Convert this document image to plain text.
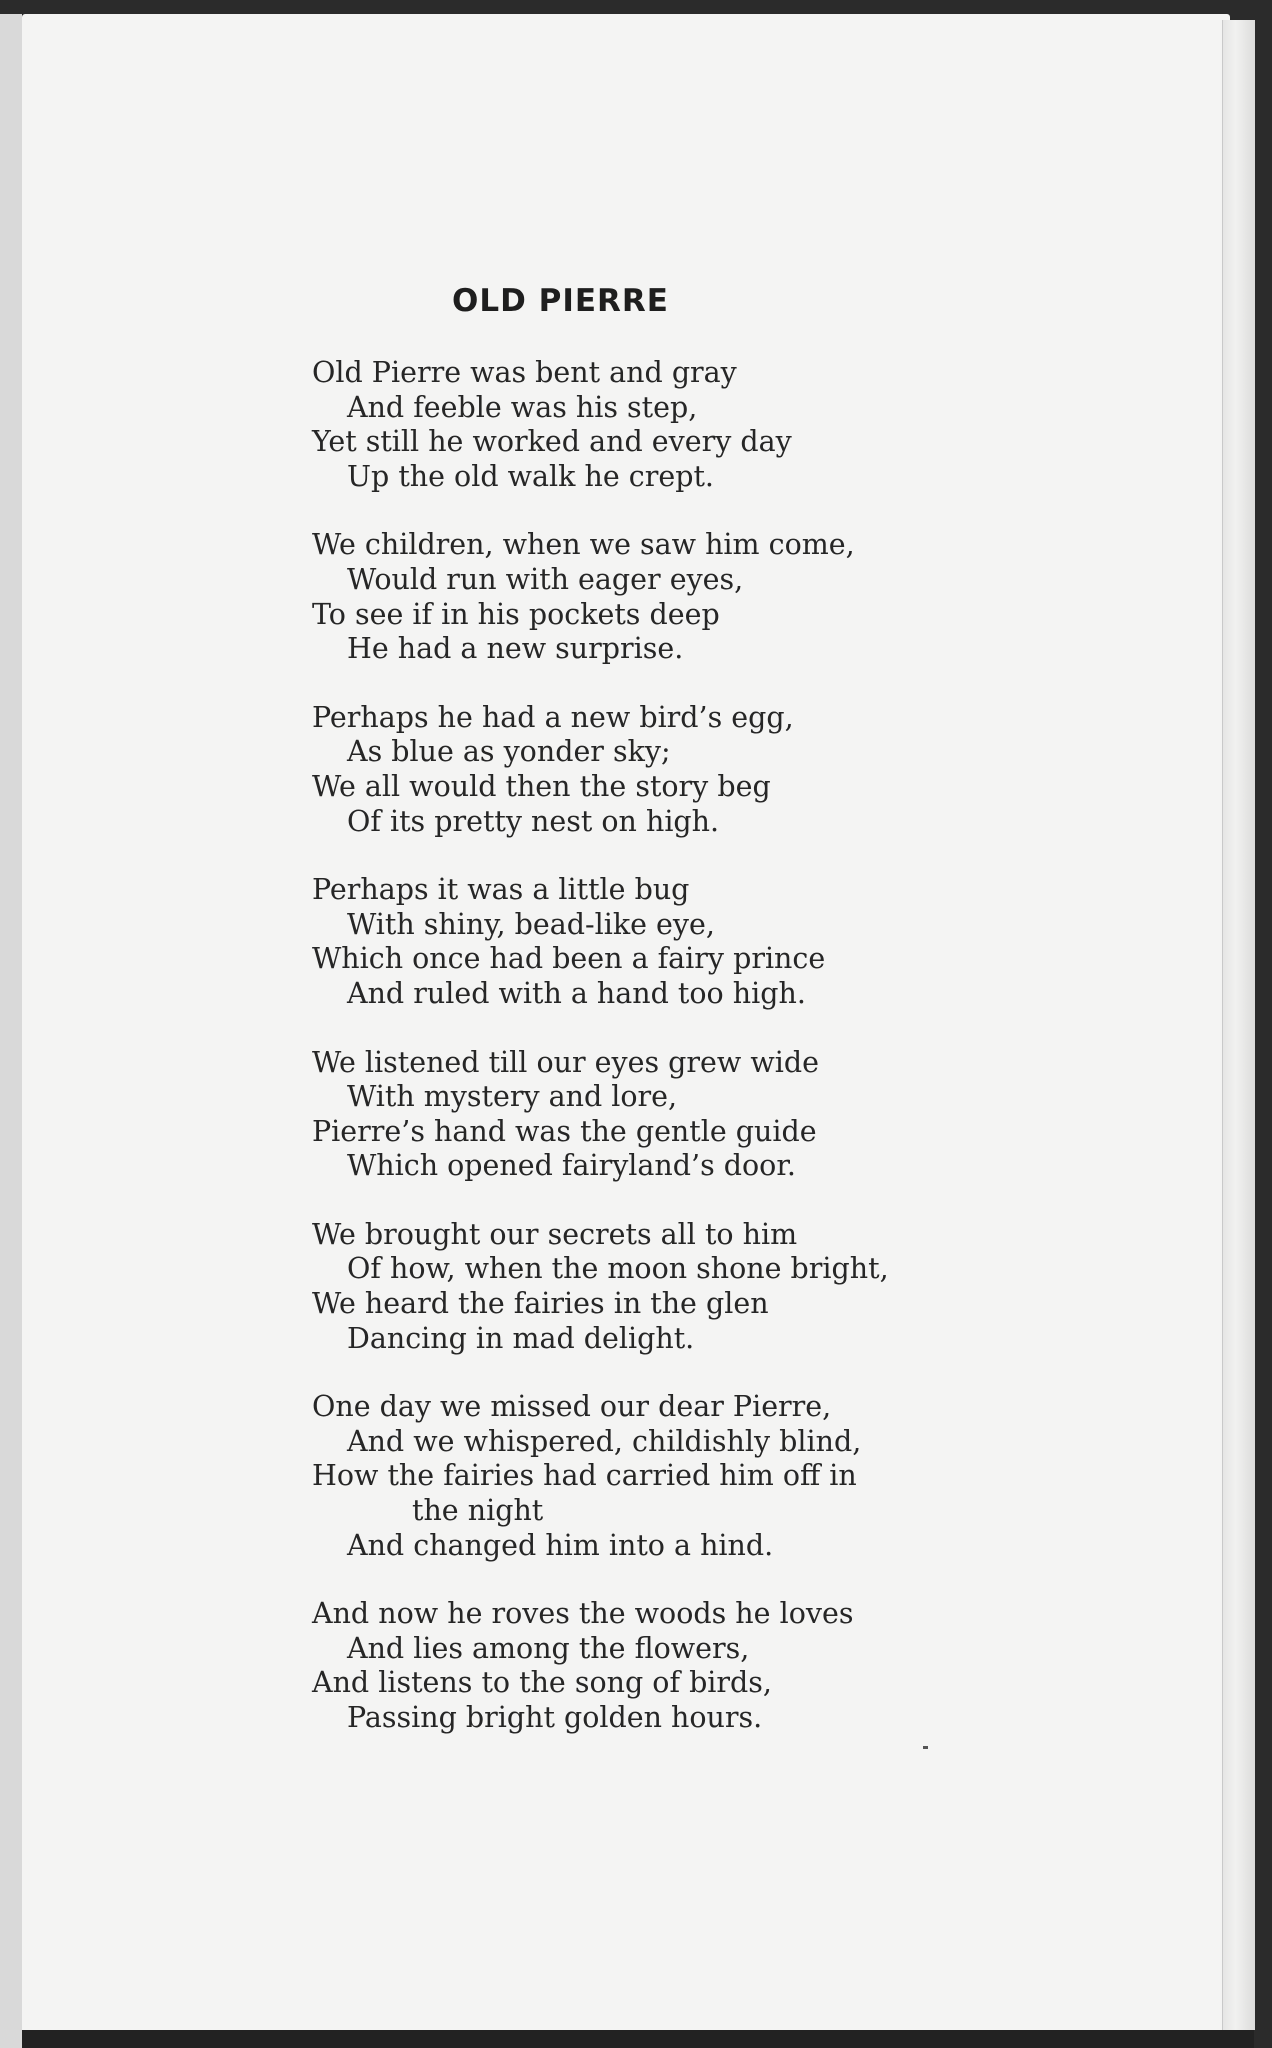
OLD PIERRE
Old Pierre was bent and gray
And feeble was his step,
Yet still he worked and every day
Up the old walk he crept.
We children, when we saw him come,
Would run with eager eyes,
To see if in his pockets deep
He had a new surprise.
Perhaps he had a new bird’s egg,
As blue as yonder sky;
We all would then the story beg
Of its pretty nest on high.
Perhaps it was a little bug
With shiny, bead-like eye,
Which once had been a fairy prince
And ruled with a hand too high.
We listened till our eyes grew wide
With mystery and lore,
Pierre’s hand was the gentle guide
Which opened fairyland’s door.
We brought our secrets all to him
Of how, when the moon shone bright,
We heard the fairies in the glen
Dancing in mad delight.
One day we missed our dear Pierre,
And we whispered, childishly blind,
How the fairies had carried him off in
the night
And changed him into a hind.
And now he roves the woods he loves
And lies among the flowers,
And listens to the song of birds,
Passing bright golden hours.
